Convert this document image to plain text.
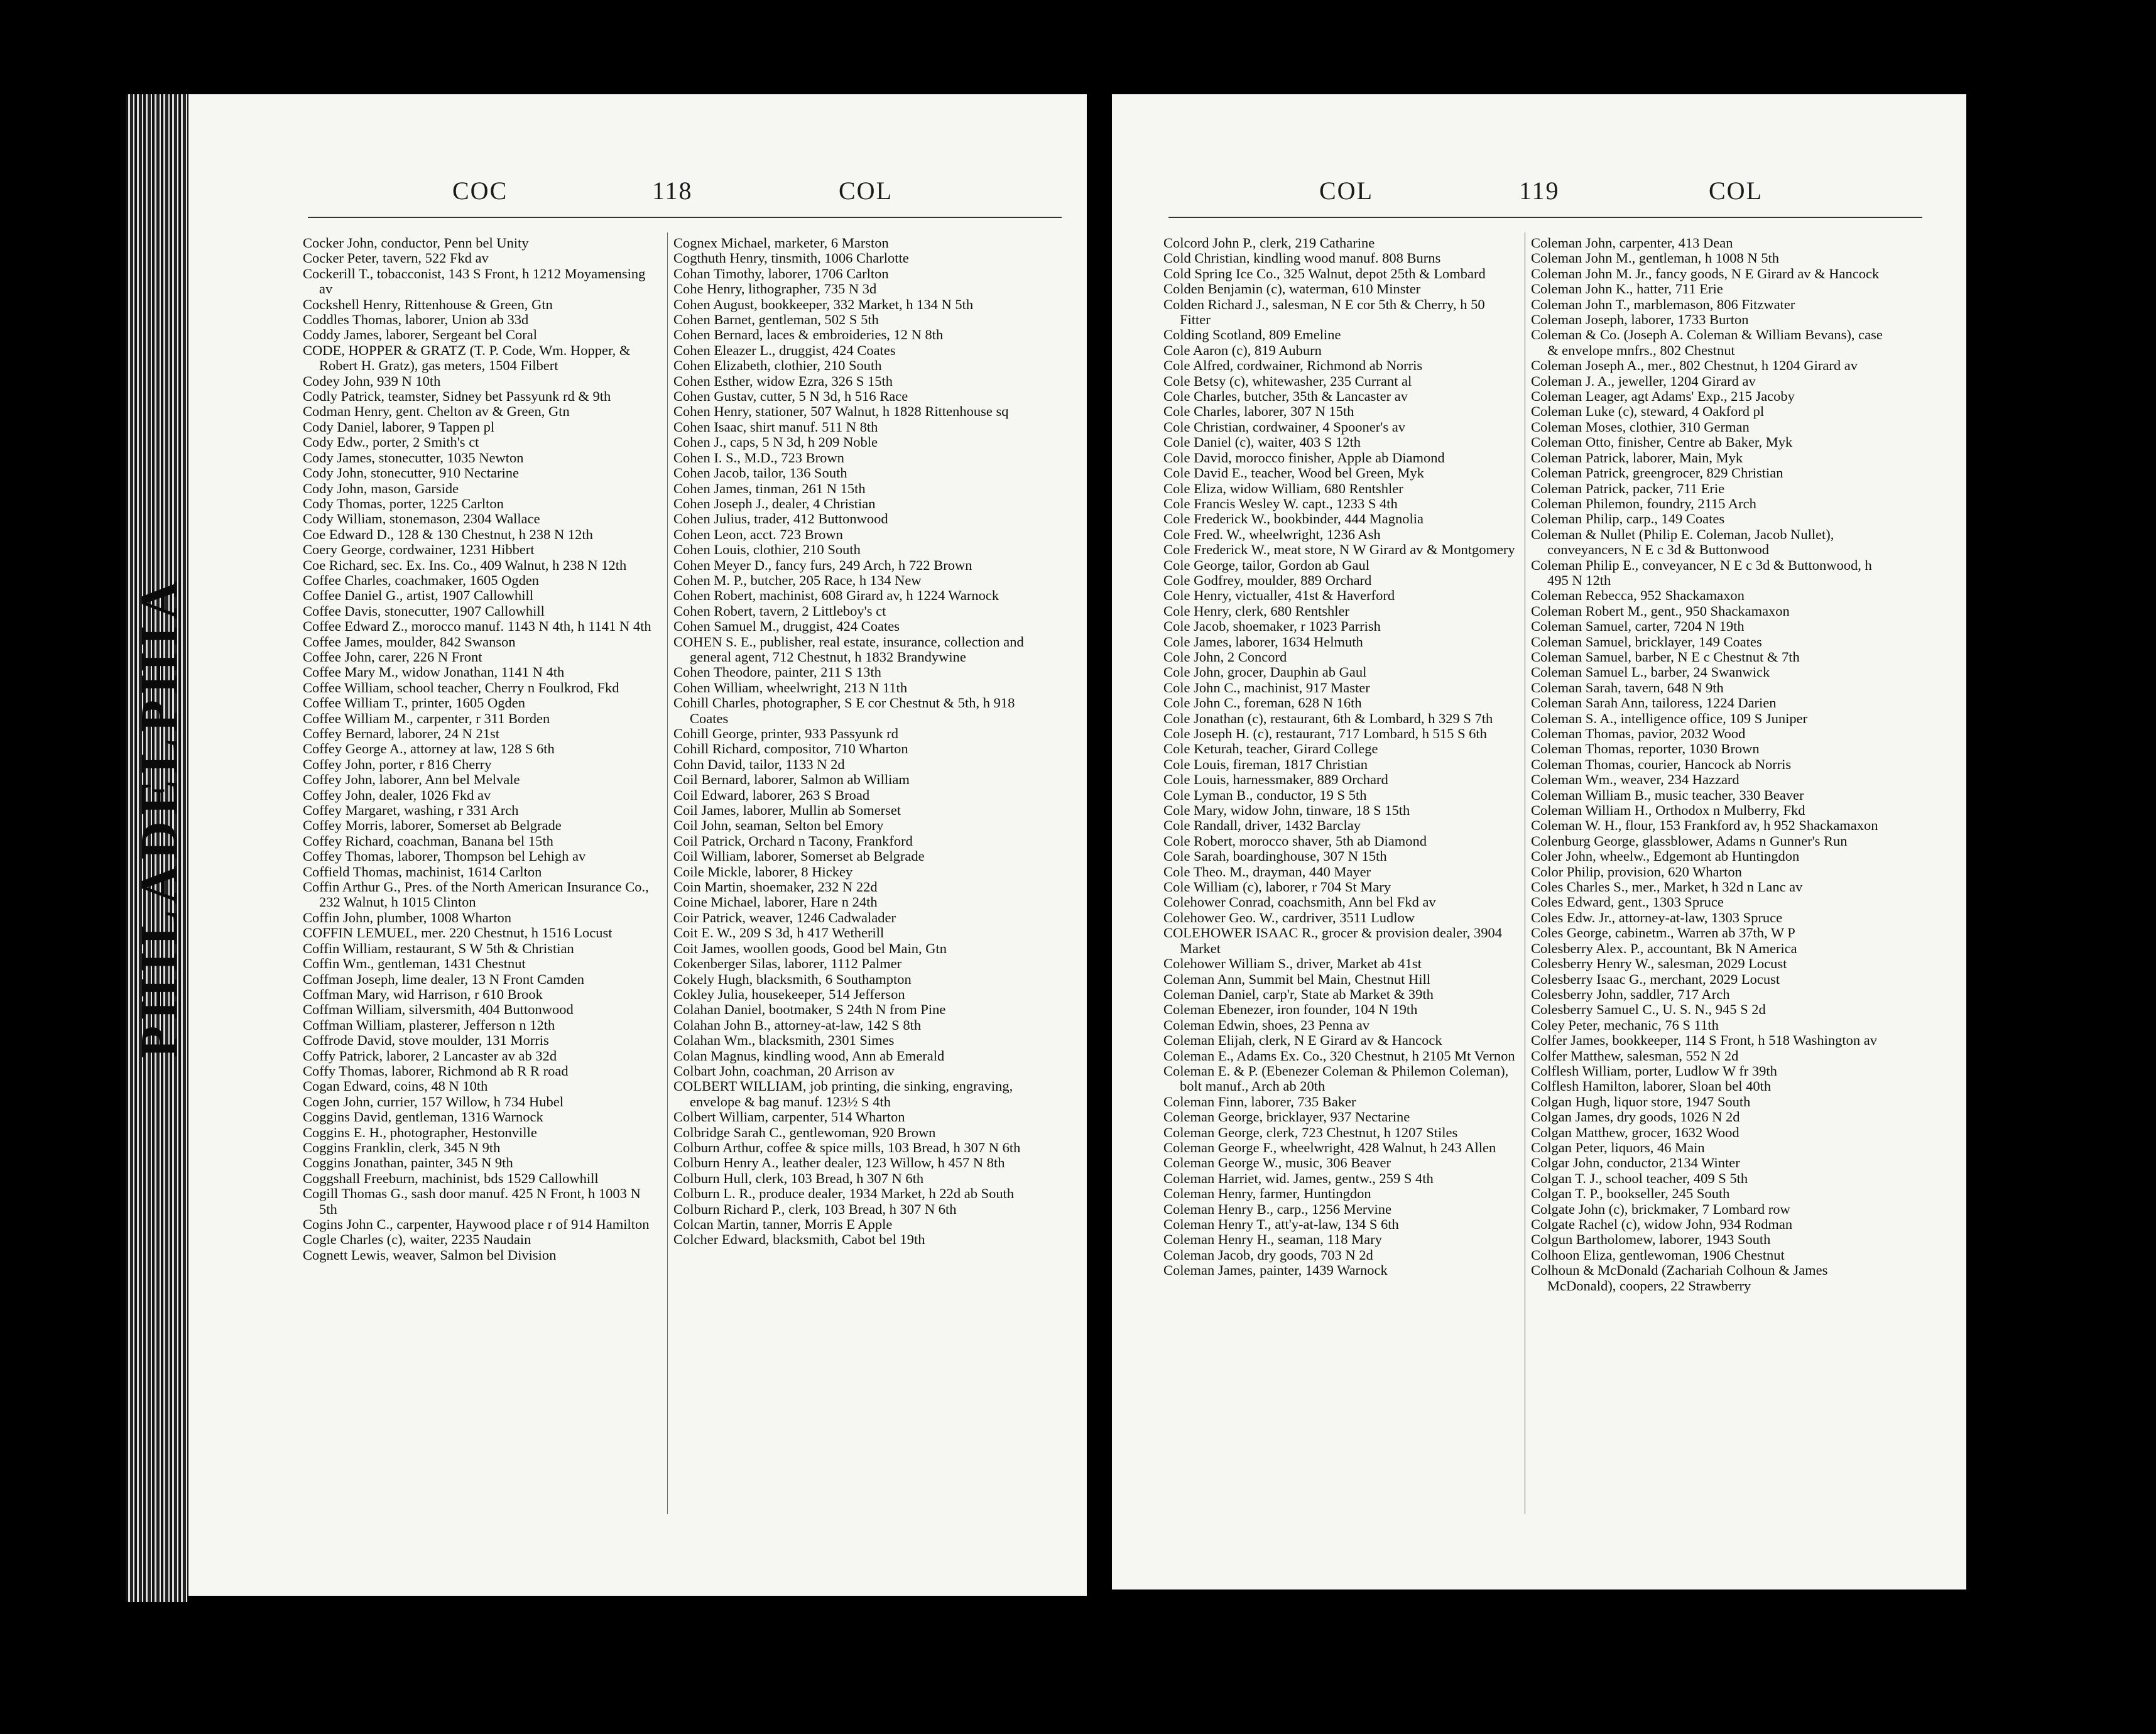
PHILADELPHIA
COC	118	COL
Cocker John, conductor, Penn bel Unity
Cocker Peter, tavern, 522 Fkd av
Cockerill T., tobacconist, 143 S Front, h 1212 Moyamensing av
Cockshell Henry, Rittenhouse & Green, Gtn
Coddles Thomas, laborer, Union ab 33d
Coddy James, laborer, Sergeant bel Coral
CODE, HOPPER & GRATZ (T. P. Code, Wm. Hopper, & Robert H. Gratz), gas meters, 1504 Filbert
Codey John, 939 N 10th
Codly Patrick, teamster, Sidney bet Passyunk rd & 9th
Codman Henry, gent. Chelton av & Green, Gtn
Cody Daniel, laborer, 9 Tappen pl
Cody Edw., porter, 2 Smith's ct
Cody James, stonecutter, 1035 Newton
Cody John, stonecutter, 910 Nectarine
Cody John, mason, Garside
Cody Thomas, porter, 1225 Carlton
Cody William, stonemason, 2304 Wallace
Coe Edward D., 128 & 130 Chestnut, h 238 N 12th
Coery George, cordwainer, 1231 Hibbert
Coe Richard, sec. Ex. Ins. Co., 409 Walnut, h 238 N 12th
Coffee Charles, coachmaker, 1605 Ogden
Coffee Daniel G., artist, 1907 Callowhill
Coffee Davis, stonecutter, 1907 Callowhill
Coffee Edward Z., morocco manuf. 1143 N 4th, h 1141 N 4th
Coffee James, moulder, 842 Swanson
Coffee John, carer, 226 N Front
Coffee Mary M., widow Jonathan, 1141 N 4th
Coffee William, school teacher, Cherry n Foulkrod, Fkd
Coffee William T., printer, 1605 Ogden
Coffee William M., carpenter, r 311 Borden
Coffey Bernard, laborer, 24 N 21st
Coffey George A., attorney at law, 128 S 6th
Coffey John, porter, r 816 Cherry
Coffey John, laborer, Ann bel Melvale
Coffey John, dealer, 1026 Fkd av
Coffey Margaret, washing, r 331 Arch
Coffey Morris, laborer, Somerset ab Belgrade
Coffey Richard, coachman, Banana bel 15th
Coffey Thomas, laborer, Thompson bel Lehigh av
Coffield Thomas, machinist, 1614 Carlton
Coffin Arthur G., Pres. of the North American Insurance Co., 232 Walnut, h 1015 Clinton
Coffin John, plumber, 1008 Wharton
COFFIN LEMUEL, mer. 220 Chestnut, h 1516 Locust
Coffin William, restaurant, S W 5th & Christian
Coffin Wm., gentleman, 1431 Chestnut
Coffman Joseph, lime dealer, 13 N Front Camden
Coffman Mary, wid Harrison, r 610 Brook
Coffman William, silversmith, 404 Buttonwood
Coffman William, plasterer, Jefferson n 12th
Coffrode David, stove moulder, 131 Morris
Coffy Patrick, laborer, 2 Lancaster av ab 32d
Coffy Thomas, laborer, Richmond ab R R road
Cogan Edward, coins, 48 N 10th
Cogen John, currier, 157 Willow, h 734 Hubel
Coggins David, gentleman, 1316 Warnock
Coggins E. H., photographer, Hestonville
Coggins Franklin, clerk, 345 N 9th
Coggins Jonathan, painter, 345 N 9th
Coggshall Freeburn, machinist, bds 1529 Callowhill
Cogill Thomas G., sash door manuf. 425 N Front, h 1003 N 5th
Cogins John C., carpenter, Haywood place r of 914 Hamilton
Cogle Charles (c), waiter, 2235 Naudain
Cognett Lewis, weaver, Salmon bel Division
Cognex Michael, marketer, 6 Marston
Cogthuth Henry, tinsmith, 1006 Charlotte
Cohan Timothy, laborer, 1706 Carlton
Cohe Henry, lithographer, 735 N 3d
Cohen August, bookkeeper, 332 Market, h 134 N 5th
Cohen Barnet, gentleman, 502 S 5th
Cohen Bernard, laces & embroideries, 12 N 8th
Cohen Eleazer L., druggist, 424 Coates
Cohen Elizabeth, clothier, 210 South
Cohen Esther, widow Ezra, 326 S 15th
Cohen Gustav, cutter, 5 N 3d, h 516 Race
Cohen Henry, stationer, 507 Walnut, h 1828 Rittenhouse sq
Cohen Isaac, shirt manuf. 511 N 8th
Cohen J., caps, 5 N 3d, h 209 Noble
Cohen I. S., M.D., 723 Brown
Cohen Jacob, tailor, 136 South
Cohen James, tinman, 261 N 15th
Cohen Joseph J., dealer, 4 Christian
Cohen Julius, trader, 412 Buttonwood
Cohen Leon, acct. 723 Brown
Cohen Louis, clothier, 210 South
Cohen Meyer D., fancy furs, 249 Arch, h 722 Brown
Cohen M. P., butcher, 205 Race, h 134 New
Cohen Robert, machinist, 608 Girard av, h 1224 Warnock
Cohen Robert, tavern, 2 Littleboy's ct
Cohen Samuel M., druggist, 424 Coates
COHEN S. E., publisher, real estate, insurance, collection and general agent, 712 Chestnut, h 1832 Brandywine
Cohen Theodore, painter, 211 S 13th
Cohen William, wheelwright, 213 N 11th
Cohill Charles, photographer, S E cor Chestnut & 5th, h 918 Coates
Cohill George, printer, 933 Passyunk rd
Cohill Richard, compositor, 710 Wharton
Cohn David, tailor, 1133 N 2d
Coil Bernard, laborer, Salmon ab William
Coil Edward, laborer, 263 S Broad
Coil James, laborer, Mullin ab Somerset
Coil John, seaman, Selton bel Emory
Coil Patrick, Orchard n Tacony, Frankford
Coil William, laborer, Somerset ab Belgrade
Coile Mickle, laborer, 8 Hickey
Coin Martin, shoemaker, 232 N 22d
Coine Michael, laborer, Hare n 24th
Coir Patrick, weaver, 1246 Cadwalader
Coit E. W., 209 S 3d, h 417 Wetherill
Coit James, woollen goods, Good bel Main, Gtn
Cokenberger Silas, laborer, 1112 Palmer
Cokely Hugh, blacksmith, 6 Southampton
Cokley Julia, housekeeper, 514 Jefferson
Colahan Daniel, bootmaker, S 24th N from Pine
Colahan John B., attorney-at-law, 142 S 8th
Colahan Wm., blacksmith, 2301 Simes
Colan Magnus, kindling wood, Ann ab Emerald
Colbart John, coachman, 20 Arrison av
COLBERT WILLIAM, job printing, die sinking, engraving, envelope & bag manuf. 123½ S 4th
Colbert William, carpenter, 514 Wharton
Colbridge Sarah C., gentlewoman, 920 Brown
Colburn Arthur, coffee & spice mills, 103 Bread, h 307 N 6th
Colburn Henry A., leather dealer, 123 Willow, h 457 N 8th
Colburn Hull, clerk, 103 Bread, h 307 N 6th
Colburn L. R., produce dealer, 1934 Market, h 22d ab South
Colburn Richard P., clerk, 103 Bread, h 307 N 6th
Colcan Martin, tanner, Morris E Apple
Colcher Edward, blacksmith, Cabot bel 19th
COL	119	COL
Colcord John P., clerk, 219 Catharine
Cold Christian, kindling wood manuf. 808 Burns
Cold Spring Ice Co., 325 Walnut, depot 25th & Lombard
Colden Benjamin (c), waterman, 610 Minster
Colden Richard J., salesman, N E cor 5th & Cherry, h 50 Fitter
Colding Scotland, 809 Emeline
Cole Aaron (c), 819 Auburn
Cole Alfred, cordwainer, Richmond ab Norris
Cole Betsy (c), whitewasher, 235 Currant al
Cole Charles, butcher, 35th & Lancaster av
Cole Charles, laborer, 307 N 15th
Cole Christian, cordwainer, 4 Spooner's av
Cole Daniel (c), waiter, 403 S 12th
Cole David, morocco finisher, Apple ab Diamond
Cole David E., teacher, Wood bel Green, Myk
Cole Eliza, widow William, 680 Rentshler
Cole Francis Wesley W. capt., 1233 S 4th
Cole Frederick W., bookbinder, 444 Magnolia
Cole Fred. W., wheelwright, 1236 Ash
Cole Frederick W., meat store, N W Girard av & Montgomery
Cole George, tailor, Gordon ab Gaul
Cole Godfrey, moulder, 889 Orchard
Cole Henry, victualler, 41st & Haverford
Cole Henry, clerk, 680 Rentshler
Cole Jacob, shoemaker, r 1023 Parrish
Cole James, laborer, 1634 Helmuth
Cole John, 2 Concord
Cole John, grocer, Dauphin ab Gaul
Cole John C., machinist, 917 Master
Cole John C., foreman, 628 N 16th
Cole Jonathan (c), restaurant, 6th & Lombard, h 329 S 7th
Cole Joseph H. (c), restaurant, 717 Lombard, h 515 S 6th
Cole Keturah, teacher, Girard College
Cole Louis, fireman, 1817 Christian
Cole Louis, harnessmaker, 889 Orchard
Cole Lyman B., conductor, 19 S 5th
Cole Mary, widow John, tinware, 18 S 15th
Cole Randall, driver, 1432 Barclay
Cole Robert, morocco shaver, 5th ab Diamond
Cole Sarah, boardinghouse, 307 N 15th
Cole Theo. M., drayman, 440 Mayer
Cole William (c), laborer, r 704 St Mary
Colehower Conrad, coachsmith, Ann bel Fkd av
Colehower Geo. W., cardriver, 3511 Ludlow
COLEHOWER ISAAC R., grocer & provision dealer, 3904 Market
Colehower William S., driver, Market ab 41st
Coleman Ann, Summit bel Main, Chestnut Hill
Coleman Daniel, carp'r, State ab Market & 39th
Coleman Ebenezer, iron founder, 104 N 19th
Coleman Edwin, shoes, 23 Penna av
Coleman Elijah, clerk, N E Girard av & Hancock
Coleman E., Adams Ex. Co., 320 Chestnut, h 2105 Mt Vernon
Coleman E. & P. (Ebenezer Coleman & Philemon Coleman), bolt manuf., Arch ab 20th
Coleman Finn, laborer, 735 Baker
Coleman George, bricklayer, 937 Nectarine
Coleman George, clerk, 723 Chestnut, h 1207 Stiles
Coleman George F., wheelwright, 428 Walnut, h 243 Allen
Coleman George W., music, 306 Beaver
Coleman Harriet, wid. James, gentw., 259 S 4th
Coleman Henry, farmer, Huntingdon
Coleman Henry B., carp., 1256 Mervine
Coleman Henry T., att'y-at-law, 134 S 6th
Coleman Henry H., seaman, 118 Mary
Coleman Jacob, dry goods, 703 N 2d
Coleman James, painter, 1439 Warnock
Coleman John, carpenter, 413 Dean
Coleman John M., gentleman, h 1008 N 5th
Coleman John M. Jr., fancy goods, N E Girard av & Hancock
Coleman John K., hatter, 711 Erie
Coleman John T., marblemason, 806 Fitzwater
Coleman Joseph, laborer, 1733 Burton
Coleman & Co. (Joseph A. Coleman & William Bevans), case & envelope mnfrs., 802 Chestnut
Coleman Joseph A., mer., 802 Chestnut, h 1204 Girard av
Coleman J. A., jeweller, 1204 Girard av
Coleman Leager, agt Adams' Exp., 215 Jacoby
Coleman Luke (c), steward, 4 Oakford pl
Coleman Moses, clothier, 310 German
Coleman Otto, finisher, Centre ab Baker, Myk
Coleman Patrick, laborer, Main, Myk
Coleman Patrick, greengrocer, 829 Christian
Coleman Patrick, packer, 711 Erie
Coleman Philemon, foundry, 2115 Arch
Coleman Philip, carp., 149 Coates
Coleman & Nullet (Philip E. Coleman, Jacob Nullet), conveyancers, N E c 3d & Buttonwood
Coleman Philip E., conveyancer, N E c 3d & Buttonwood, h 495 N 12th
Coleman Rebecca, 952 Shackamaxon
Coleman Robert M., gent., 950 Shackamaxon
Coleman Samuel, carter, 7204 N 19th
Coleman Samuel, bricklayer, 149 Coates
Coleman Samuel, barber, N E c Chestnut & 7th
Coleman Samuel L., barber, 24 Swanwick
Coleman Sarah, tavern, 648 N 9th
Coleman Sarah Ann, tailoress, 1224 Darien
Coleman S. A., intelligence office, 109 S Juniper
Coleman Thomas, pavior, 2032 Wood
Coleman Thomas, reporter, 1030 Brown
Coleman Thomas, courier, Hancock ab Norris
Coleman Wm., weaver, 234 Hazzard
Coleman William B., music teacher, 330 Beaver
Coleman William H., Orthodox n Mulberry, Fkd
Coleman W. H., flour, 153 Frankford av, h 952 Shackamaxon
Colenburg George, glassblower, Adams n Gunner's Run
Coler John, wheelw., Edgemont ab Huntingdon
Color Philip, provision, 620 Wharton
Coles Charles S., mer., Market, h 32d n Lanc av
Coles Edward, gent., 1303 Spruce
Coles Edw. Jr., attorney-at-law, 1303 Spruce
Coles George, cabinetm., Warren ab 37th, W P
Colesberry Alex. P., accountant, Bk N America
Colesberry Henry W., salesman, 2029 Locust
Colesberry Isaac G., merchant, 2029 Locust
Colesberry John, saddler, 717 Arch
Colesberry Samuel C., U. S. N., 945 S 2d
Coley Peter, mechanic, 76 S 11th
Colfer James, bookkeeper, 114 S Front, h 518 Washington av
Colfer Matthew, salesman, 552 N 2d
Colflesh William, porter, Ludlow W fr 39th
Colflesh Hamilton, laborer, Sloan bel 40th
Colgan Hugh, liquor store, 1947 South
Colgan James, dry goods, 1026 N 2d
Colgan Matthew, grocer, 1632 Wood
Colgan Peter, liquors, 46 Main
Colgar John, conductor, 2134 Winter
Colgan T. J., school teacher, 409 S 5th
Colgan T. P., bookseller, 245 South
Colgate John (c), brickmaker, 7 Lombard row
Colgate Rachel (c), widow John, 934 Rodman
Colgun Bartholomew, laborer, 1943 South
Colhoon Eliza, gentlewoman, 1906 Chestnut
Colhoun & McDonald (Zachariah Colhoun & James McDonald), coopers, 22 Strawberry
